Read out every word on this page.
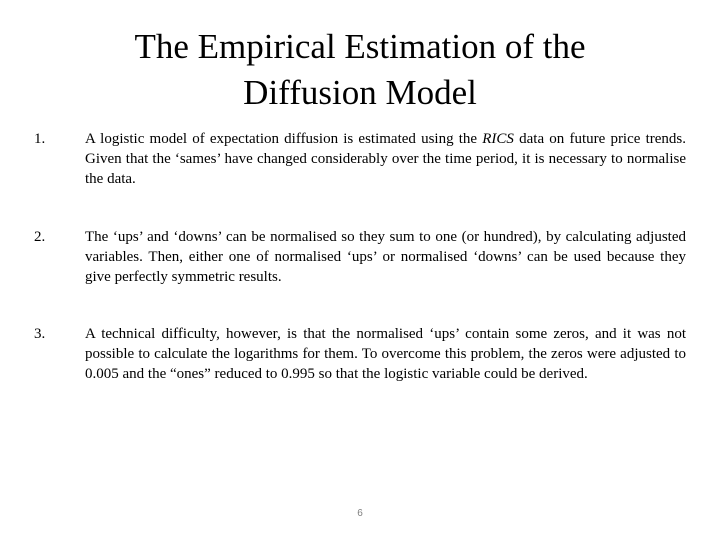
The Empirical Estimation of the
Diffusion Model
1.	A logistic model of expectation diffusion is estimated using the RICS data on future price trends. Given that the ‘sames’ have changed considerably over the time period, it is necessary to normalise the data.
2.	The ‘ups’ and ‘downs’ can be normalised so they sum to one (or hundred), by calculating adjusted variables. Then, either one of normalised ‘ups’ or normalised ‘downs’ can be used because they give perfectly symmetric results.
3.	A technical difficulty, however, is that the normalised ‘ups’ contain some zeros, and it was not possible to calculate the logarithms for them. To overcome this problem, the zeros were adjusted to 0.005 and the “ones” reduced to 0.995 so that the logistic variable could be derived.
6
